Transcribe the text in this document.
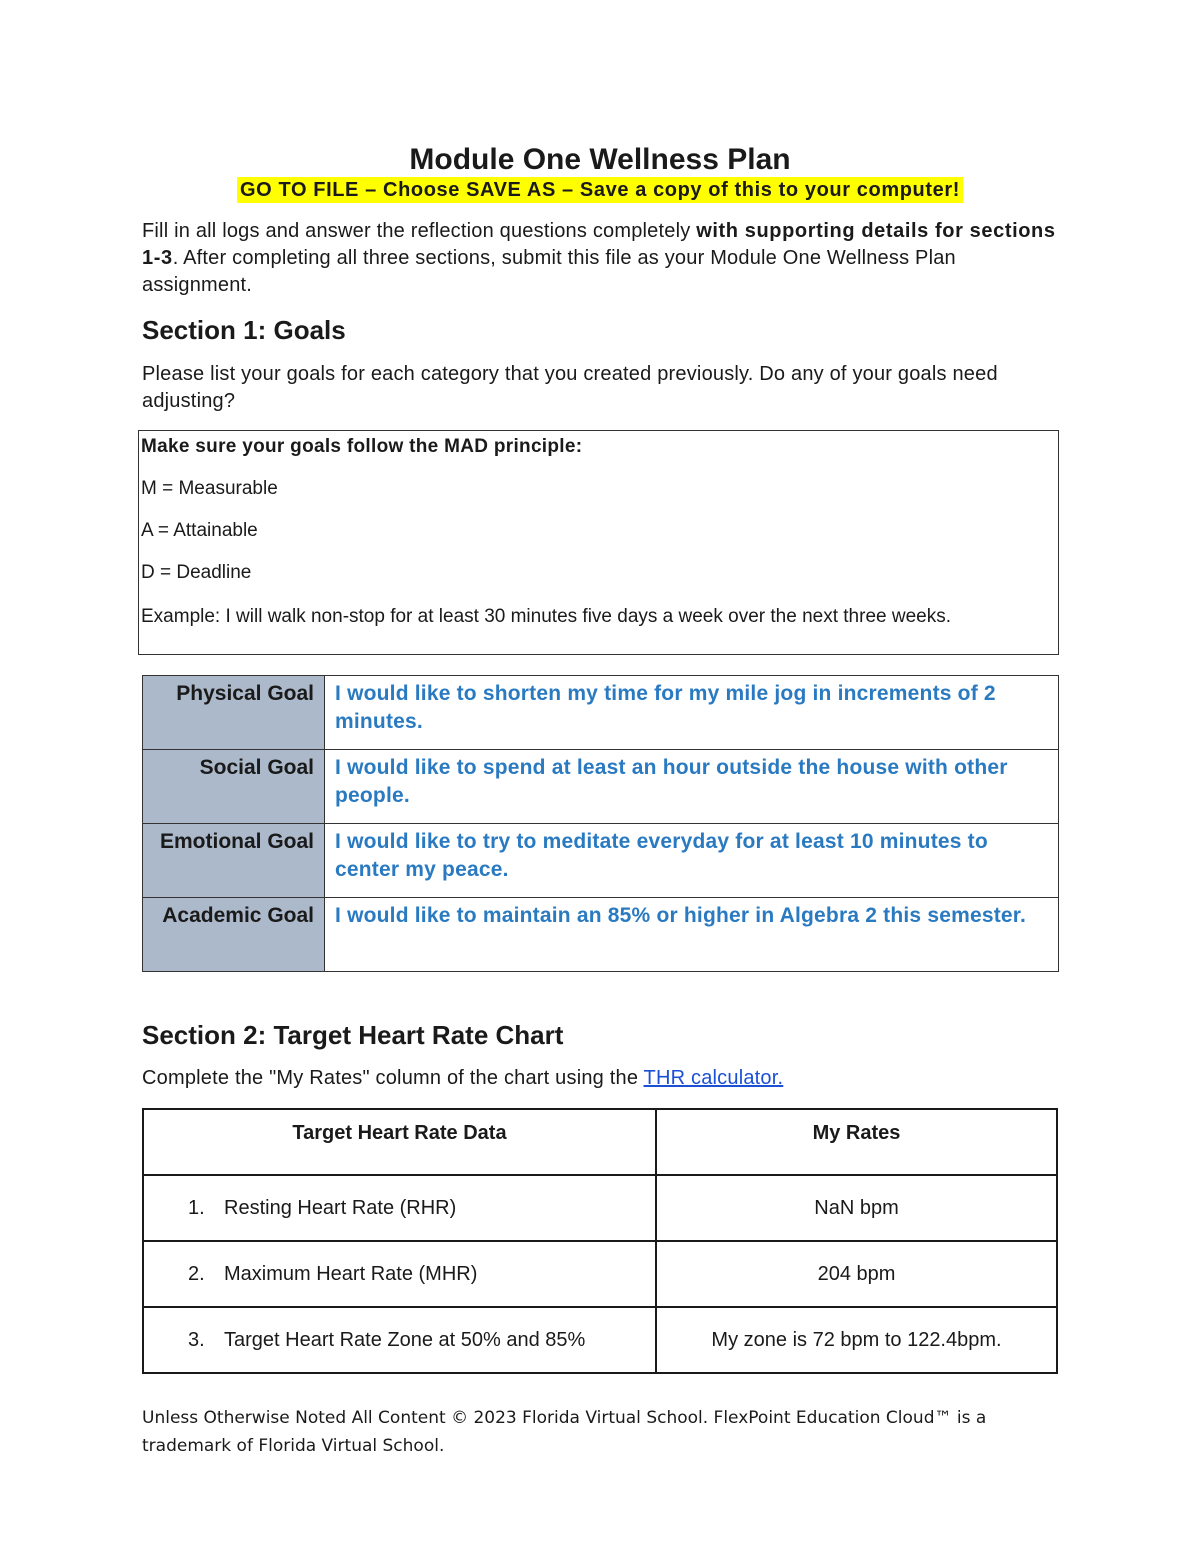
Module One Wellness Plan
GO TO FILE – Choose SAVE AS – Save a copy of this to your computer!
Fill in all logs and answer the reflection questions completely with supporting details for sections 1-3. After completing all three sections, submit this file as your Module One Wellness Plan assignment.
Section 1: Goals
Please list your goals for each category that you created previously. Do any of your goals need adjusting?
Make sure your goals follow the MAD principle:
M = Measurable
A = Attainable
D = Deadline
Example: I will walk non-stop for at least 30 minutes five days a week over the next three weeks.
Physical Goal	I would like to shorten my time for my mile jog in increments of 2 minutes.
Social Goal	I would like to spend at least an hour outside the house with other people.
Emotional Goal	I would like to try to meditate everyday for at least 10 minutes to center my peace.
Academic Goal	I would like to maintain an 85% or higher in Algebra 2 this semester.
Section 2: Target Heart Rate Chart
Complete the "My Rates" column of the chart using the THR calculator.
Target Heart Rate Data	My Rates
1. Resting Heart Rate (RHR)	NaN bpm
2. Maximum Heart Rate (MHR)	204 bpm
3. Target Heart Rate Zone at 50% and 85%	My zone is 72 bpm to 122.4bpm.
Unless Otherwise Noted All Content © 2023 Florida Virtual School. FlexPoint Education Cloud™ is a trademark of Florida Virtual School.
